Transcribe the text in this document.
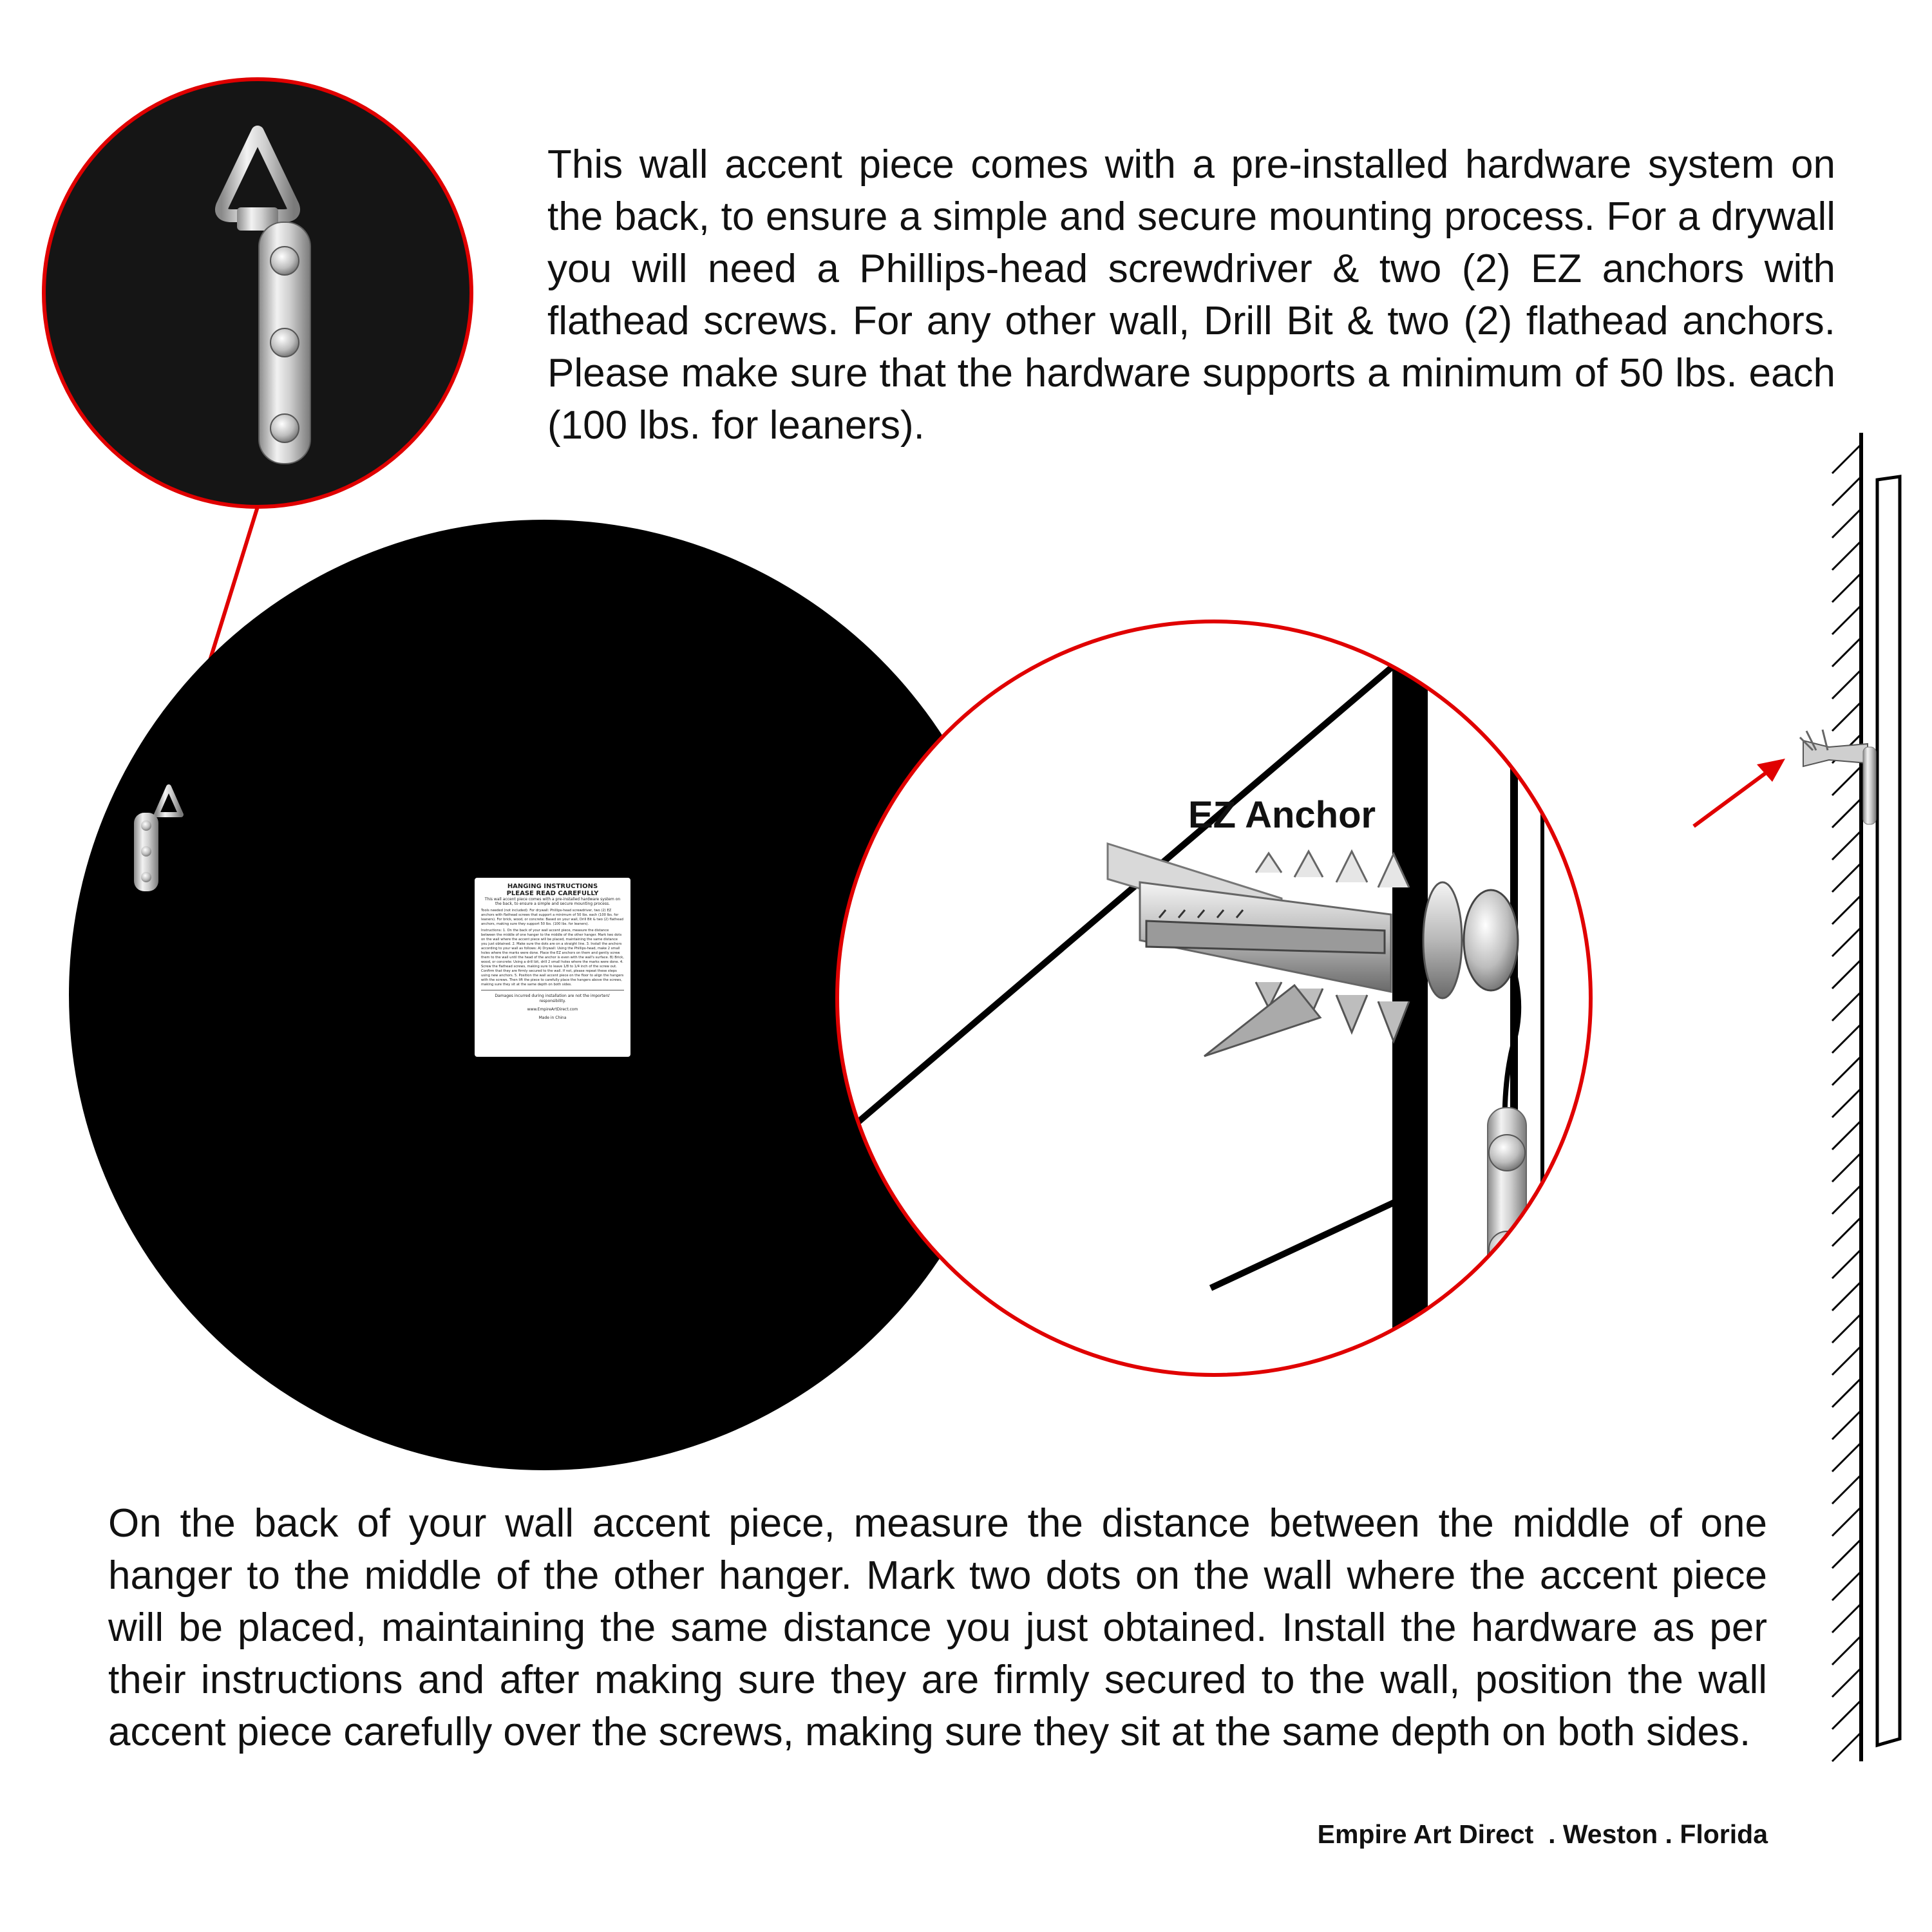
HANGING INSTRUCTIONS
PLEASE READ CAREFULLY
This wall accent piece comes with a pre-installed hardware system on the back, to ensure a simple and secure mounting process.
Tools needed (not included): For drywall: Phillips-head screwdriver, two (2) EZ anchors with flathead screws that support a minimum of 50 lbs. each (100 lbs. for leaners). For brick, wood, or concrete: Based on your wall, Drill Bit & two (2) flathead anchors, making sure they support 50 lbs. (100 lbs. for leaners).
Instructions: 1. On the back of your wall accent piece, measure the distance between the middle of one hanger to the middle of the other hanger. Mark two dots on the wall where the accent piece will be placed, maintaining the same distance you just obtained. 2. Make sure the dots are on a straight line. 3. Install the anchors according to your wall as follows: A) Drywall: Using the Phillips-head, make 2 small holes where the marks were done. Place the EZ anchors on them and gently screw them to the wall until the head of the anchor is even with the wall's surface. B) Brick, wood, or concrete: Using a drill bit, drill 2 small holes where the marks were done. 4. Screw the flathead screws, making sure to leave 1/8 to 1/4 inch of the screw out. Confirm that they are firmly secured to the wall. If not, please repeat these steps using new anchors. 5. Position the wall accent piece on the floor to align the hangers with the screws. Then lift the piece to carefully place the hangers above the screws, making sure they sit at the same depth on both sides.
Damages incurred during installation are not the importers' responsibility.
www.EmpireArtDirect.com
Made in China
This wall accent piece comes with a pre-installed hardware system on the back, to ensure a simple and secure mounting process. For a drywall you will need a Phillips-head screwdriver & two (2) EZ anchors with flathead screws. For any other wall, Drill Bit & two (2) flathead anchors. Please make sure that the hardware supports a minimum of 50 lbs. each (100 lbs. for leaners).
EZ Anchor
On the back of your wall accent piece, measure the distance between the middle of one hanger to the middle of the other hanger. Mark two dots on the wall where the accent piece will be placed, maintaining the same distance you just obtained. Install the hardware as per their instructions and after making sure they are firmly secured to the wall, position the wall accent piece carefully over the screws, making sure they sit at the same depth on both sides.
Empire Art Direct  . Weston . Florida
